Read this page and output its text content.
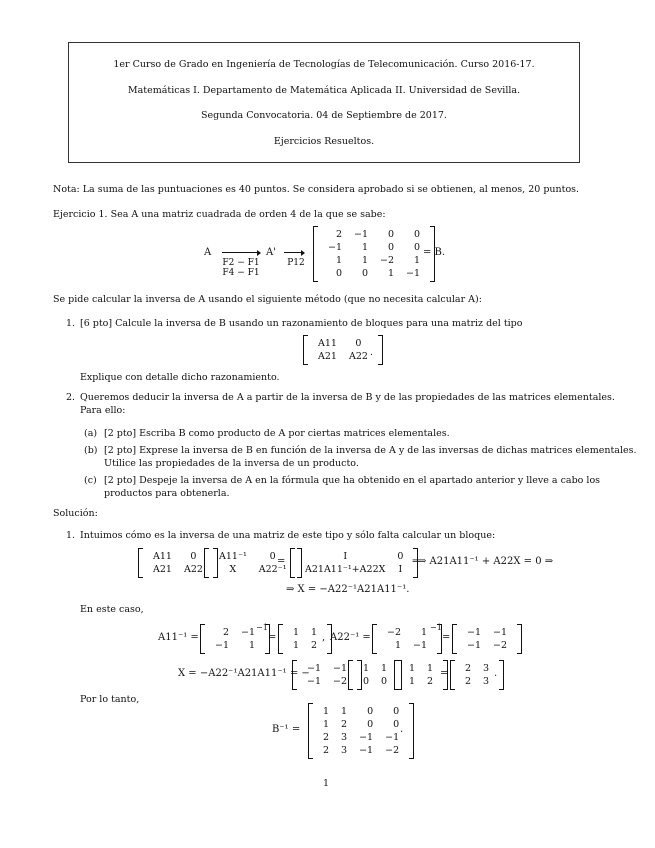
1er Curso de Grado en Ingeniería de Tecnologías de Telecomunicación. Curso 2016-17.
Matemáticas I. Departamento de Matemática Aplicada II. Universidad de Sevilla.
Segunda Convocatoria. 04 de Septiembre de 2017.
Ejercicios Resueltos.
Nota: La suma de las puntuaciones es 40 puntos. Se considera aprobado si se obtienen, al menos, 20 puntos.
Ejercicio 1. Sea A una matriz cuadrada de orden 4 de la que se sabe:
A
F2 − F1
F4 − F1
A'
P12
2	−1	0	0
−1	1	0	0
1	1	−2	1
0	0	1	−1
= B.
Se pide calcular la inversa de A usando el siguiente método (que no necesita calcular A):
1. [6 pto] Calcule la inversa de B usando un razonamiento de bloques para una matriz del tipo
A11	0
A21	A22 .
Explique con detalle dicho razonamiento.
2. Queremos deducir la inversa de A a partir de la inversa de B y de las propiedades de las matrices elementales.
Para ello:
(a) [2 pto] Escriba B como producto de A por ciertas matrices elementales.
(b) [2 pto] Exprese la inversa de B en función de la inversa de A y de las inversas de dichas matrices elementales.
Utilice las propiedades de la inversa de un producto.
(c) [2 pto] Despeje la inversa de A en la fórmula que ha obtenido en el apartado anterior y lleve a cabo los
productos para obtenerla.
Solución:
1. Intuimos cómo es la inversa de una matriz de este tipo y sólo falta calcular un bloque:
A11	0
A21	A22
A11⁻¹	0
X	A22⁻¹
=	I	0
A21A11⁻¹+A22X	I
⟹ A21A11⁻¹ + A22X = 0 ⇒
⇒ X = −A22⁻¹A21A11⁻¹.
En este caso,
A11⁻¹ =	2	−1
−1	1
−1
= 1	1
1	2
, A22⁻¹ = −2	1
1	−1
−1
= −1	−1
−1	−2
X = −A22⁻¹A21A11⁻¹ = −
−1	−1
−1	−2
1	1
0	0
1	1
1	2
= 2	3
2	3
.
Por lo tanto,
B⁻¹ =
1	1	0	0
1	2	0	0
2	3	−1	−1
2	3	−1	−2
.
1
